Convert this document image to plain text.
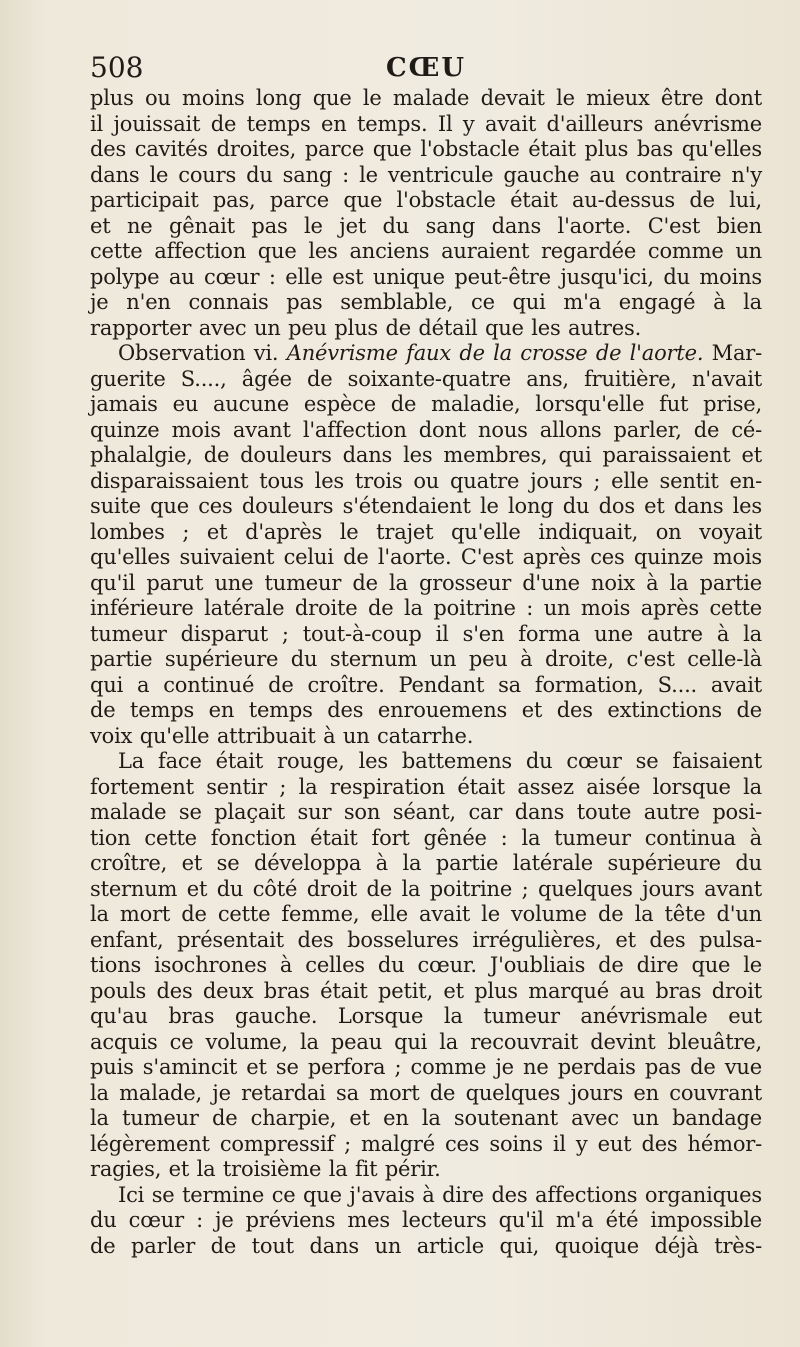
508	CŒU
plus ou moins long que le malade devait le mieux être dont
il jouissait de temps en temps. Il y avait d'ailleurs anévrisme
des cavités droites, parce que l'obstacle était plus bas qu'elles
dans le cours du sang : le ventricule gauche au contraire n'y
participait pas, parce que l'obstacle était au-dessus de lui,
et ne gênait pas le jet du sang dans l'aorte. C'est bien
cette affection que les anciens auraient regardée comme un
polype au cœur : elle est unique peut-être jusqu'ici, du moins
je n'en connais pas semblable, ce qui m'a engagé à la
rapporter avec un peu plus de détail que les autres.
Observation vi. Anévrisme faux de la crosse de l'aorte. Mar-
guerite S...., âgée de soixante-quatre ans, fruitière, n'avait
jamais eu aucune espèce de maladie, lorsqu'elle fut prise,
quinze mois avant l'affection dont nous allons parler, de cé-
phalalgie, de douleurs dans les membres, qui paraissaient et
disparaissaient tous les trois ou quatre jours ; elle sentit en-
suite que ces douleurs s'étendaient le long du dos et dans les
lombes ; et d'après le trajet qu'elle indiquait, on voyait
qu'elles suivaient celui de l'aorte. C'est après ces quinze mois
qu'il parut une tumeur de la grosseur d'une noix à la partie
inférieure latérale droite de la poitrine : un mois après cette
tumeur disparut ; tout-à-coup il s'en forma une autre à la
partie supérieure du sternum un peu à droite, c'est celle-là
qui a continué de croître. Pendant sa formation, S.... avait
de temps en temps des enrouemens et des extinctions de
voix qu'elle attribuait à un catarrhe.
La face était rouge, les battemens du cœur se faisaient
fortement sentir ; la respiration était assez aisée lorsque la
malade se plaçait sur son séant, car dans toute autre posi-
tion cette fonction était fort gênée : la tumeur continua à
croître, et se développa à la partie latérale supérieure du
sternum et du côté droit de la poitrine ; quelques jours avant
la mort de cette femme, elle avait le volume de la tête d'un
enfant, présentait des bosselures irrégulières, et des pulsa-
tions isochrones à celles du cœur. J'oubliais de dire que le
pouls des deux bras était petit, et plus marqué au bras droit
qu'au bras gauche. Lorsque la tumeur anévrismale eut
acquis ce volume, la peau qui la recouvrait devint bleuâtre,
puis s'amincit et se perfora ; comme je ne perdais pas de vue
la malade, je retardai sa mort de quelques jours en couvrant
la tumeur de charpie, et en la soutenant avec un bandage
légèrement compressif ; malgré ces soins il y eut des hémor-
ragies, et la troisième la fit périr.
Ici se termine ce que j'avais à dire des affections organiques
du cœur : je préviens mes lecteurs qu'il m'a été impossible
de parler de tout dans un article qui, quoique déjà très-
